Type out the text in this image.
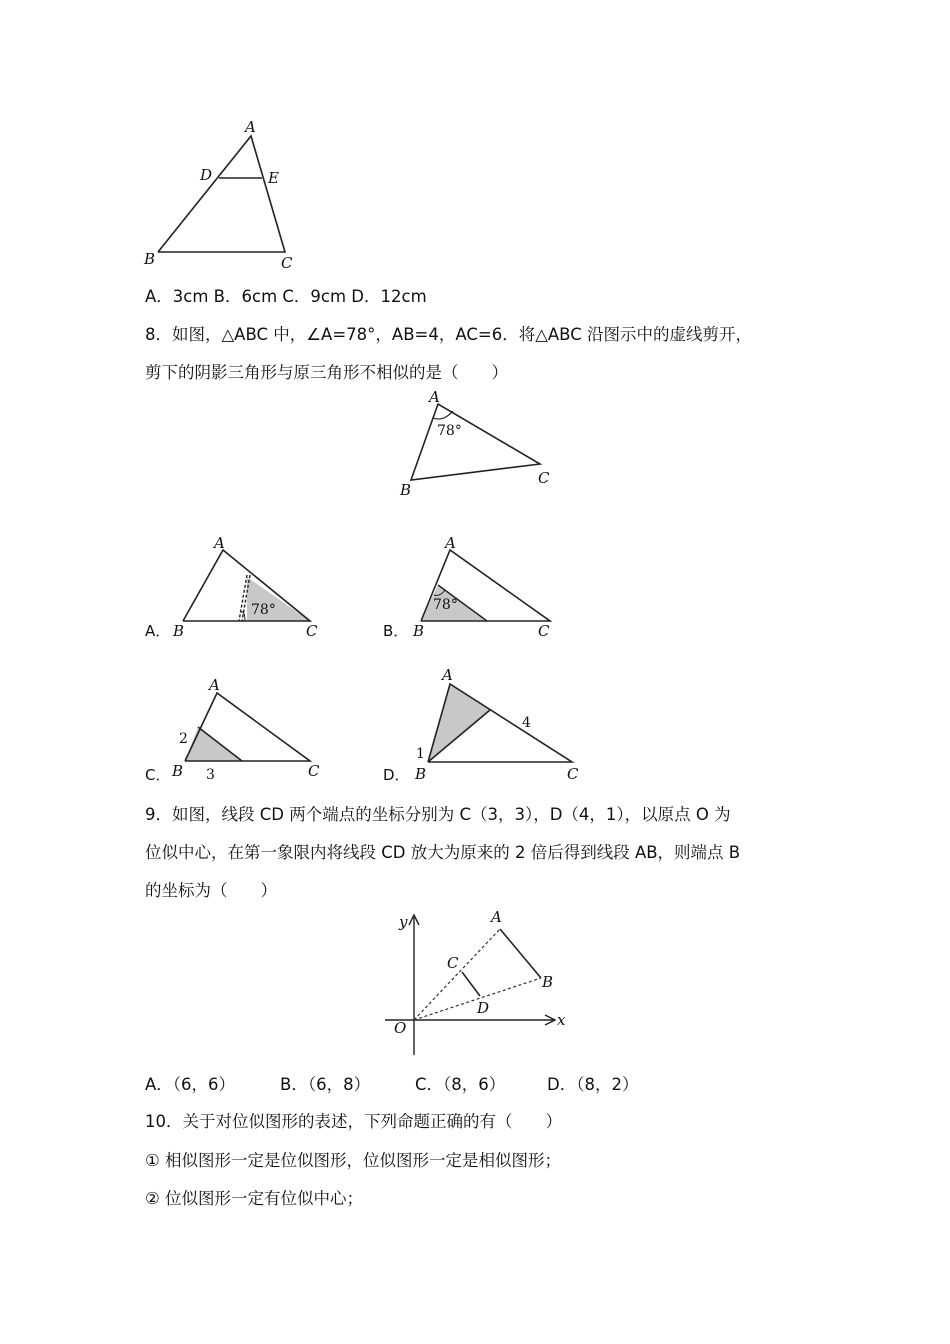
A
D	E
B	C
A．3cm B．6cm C．9cm D．12cm
8．如图，△ABC 中，∠A=78°，AB=4，AC=6．将△ABC 沿图示中的虚线剪开，
剪下的阴影三角形与原三角形不相似的是（　　）
A
78°
B
C
A．
A
78°
B	C	B．
A
78°
B	C
C．
A
2
B 3	C	D．
A
4
1
B	C
9．如图，线段 CD 两个端点的坐标分别为 C（3，3），D（4，1），以原点 O 为
位似中心，在第一象限内将线段 CD 放大为原来的 2 倍后得到线段 AB，则端点 B
的坐标为（　　）
y
x
O
A
B
C
D
A．（6，6）	B．（6，8）	C．（8，6）	D．（8，2）
10．关于对位似图形的表述，下列命题正确的有（　　）
① 相似图形一定是位似图形，位似图形一定是相似图形；
② 位似图形一定有位似中心；
